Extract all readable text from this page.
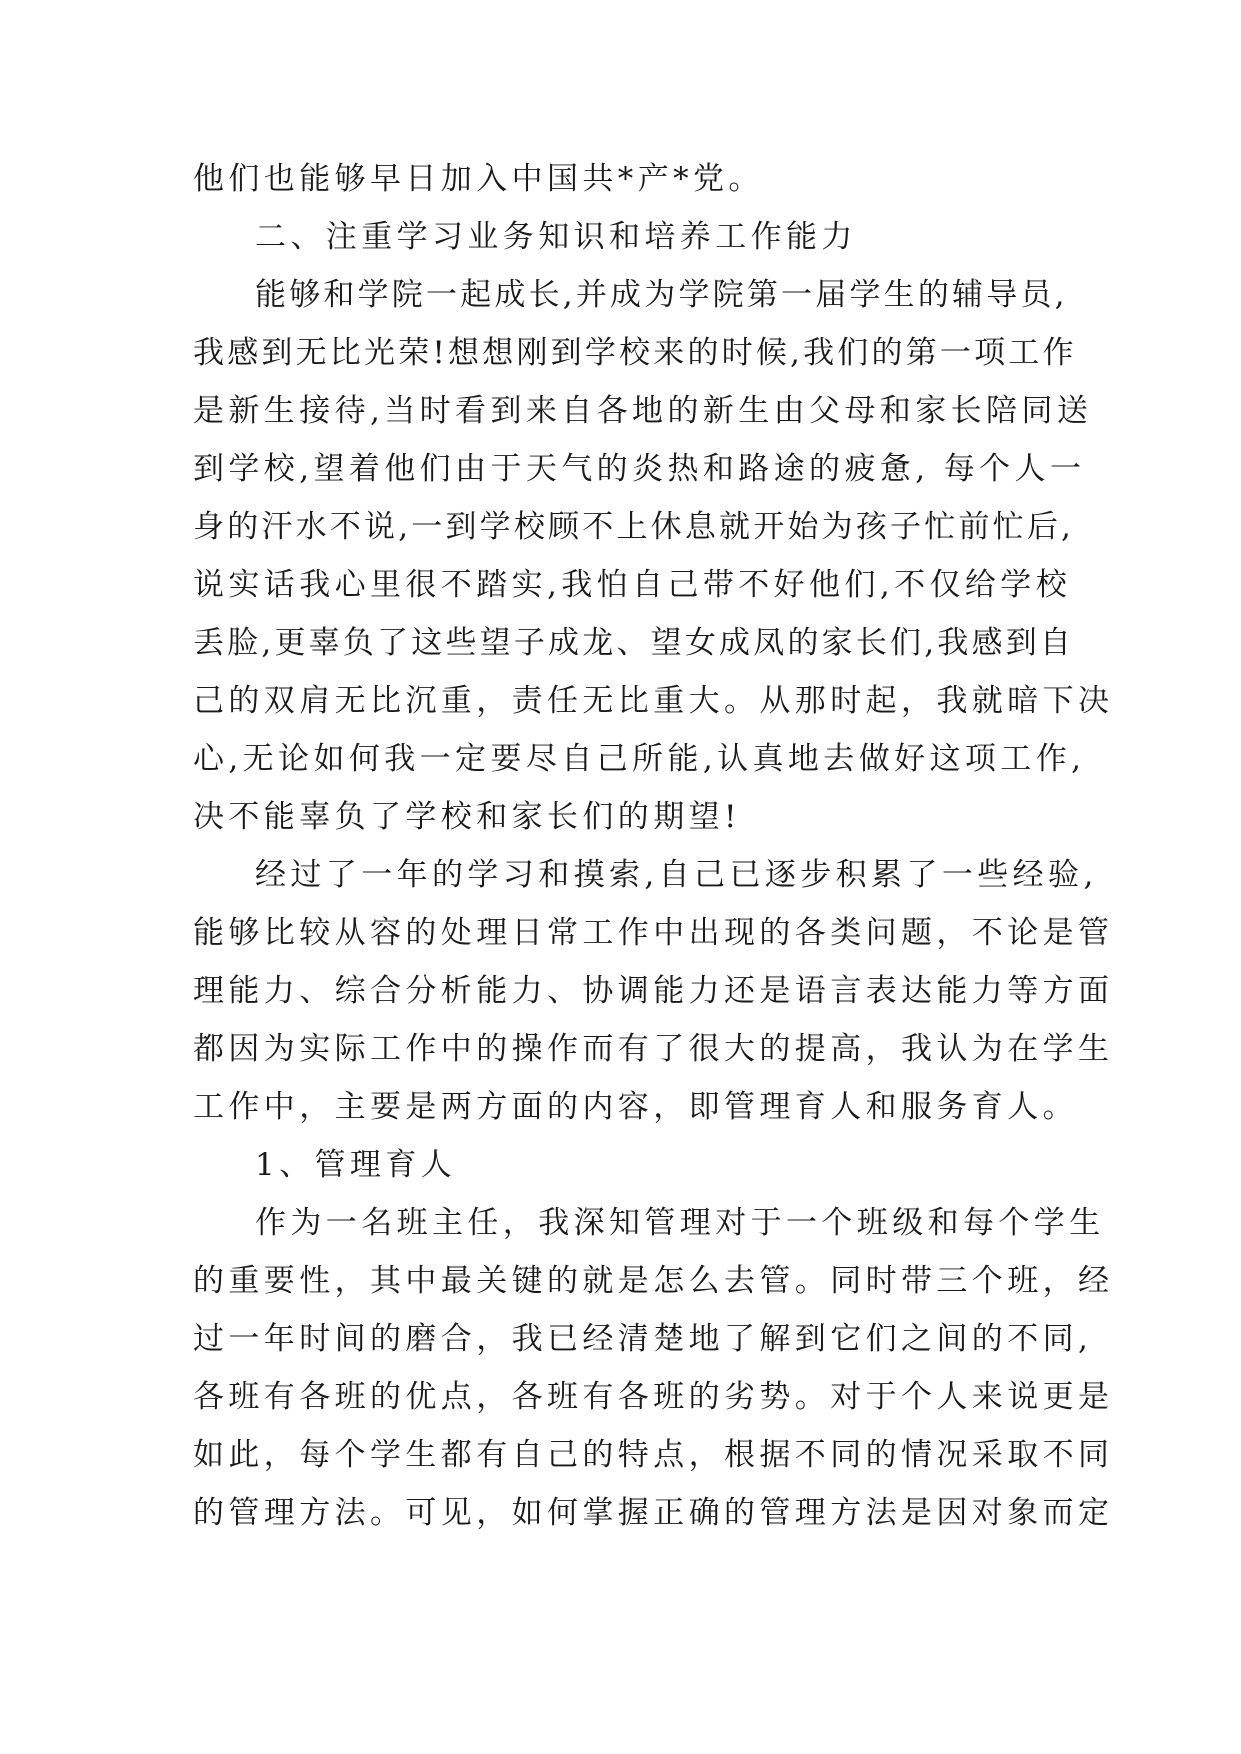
他们也能够早日加入中国共*产*党。
二、注重学习业务知识和培养工作能力
能够和学院一起成长,并成为学院第一届学生的辅导员,
我感到无比光荣!想想刚到学校来的时候,我们的第一项工作
是新生接待,当时看到来自各地的新生由父母和家长陪同送
到学校,望着他们由于天气的炎热和路途的疲惫, 每个人一
身的汗水不说,一到学校顾不上休息就开始为孩子忙前忙后,
说实话我心里很不踏实,我怕自己带不好他们,不仅给学校
丢脸,更辜负了这些望子成龙、望女成凤的家长们,我感到自
己的双肩无比沉重，责任无比重大。从那时起，我就暗下决
心,无论如何我一定要尽自己所能,认真地去做好这项工作,
决不能辜负了学校和家长们的期望!
经过了一年的学习和摸索,自己已逐步积累了一些经验,
能够比较从容的处理日常工作中出现的各类问题，不论是管
理能力、综合分析能力、协调能力还是语言表达能力等方面
都因为实际工作中的操作而有了很大的提高，我认为在学生
工作中，主要是两方面的内容，即管理育人和服务育人。
1、管理育人
作为一名班主任，我深知管理对于一个班级和每个学生
的重要性，其中最关键的就是怎么去管。同时带三个班，经
过一年时间的磨合，我已经清楚地了解到它们之间的不同,
各班有各班的优点，各班有各班的劣势。对于个人来说更是
如此，每个学生都有自己的特点，根据不同的情况采取不同
的管理方法。可见，如何掌握正确的管理方法是因对象而定
